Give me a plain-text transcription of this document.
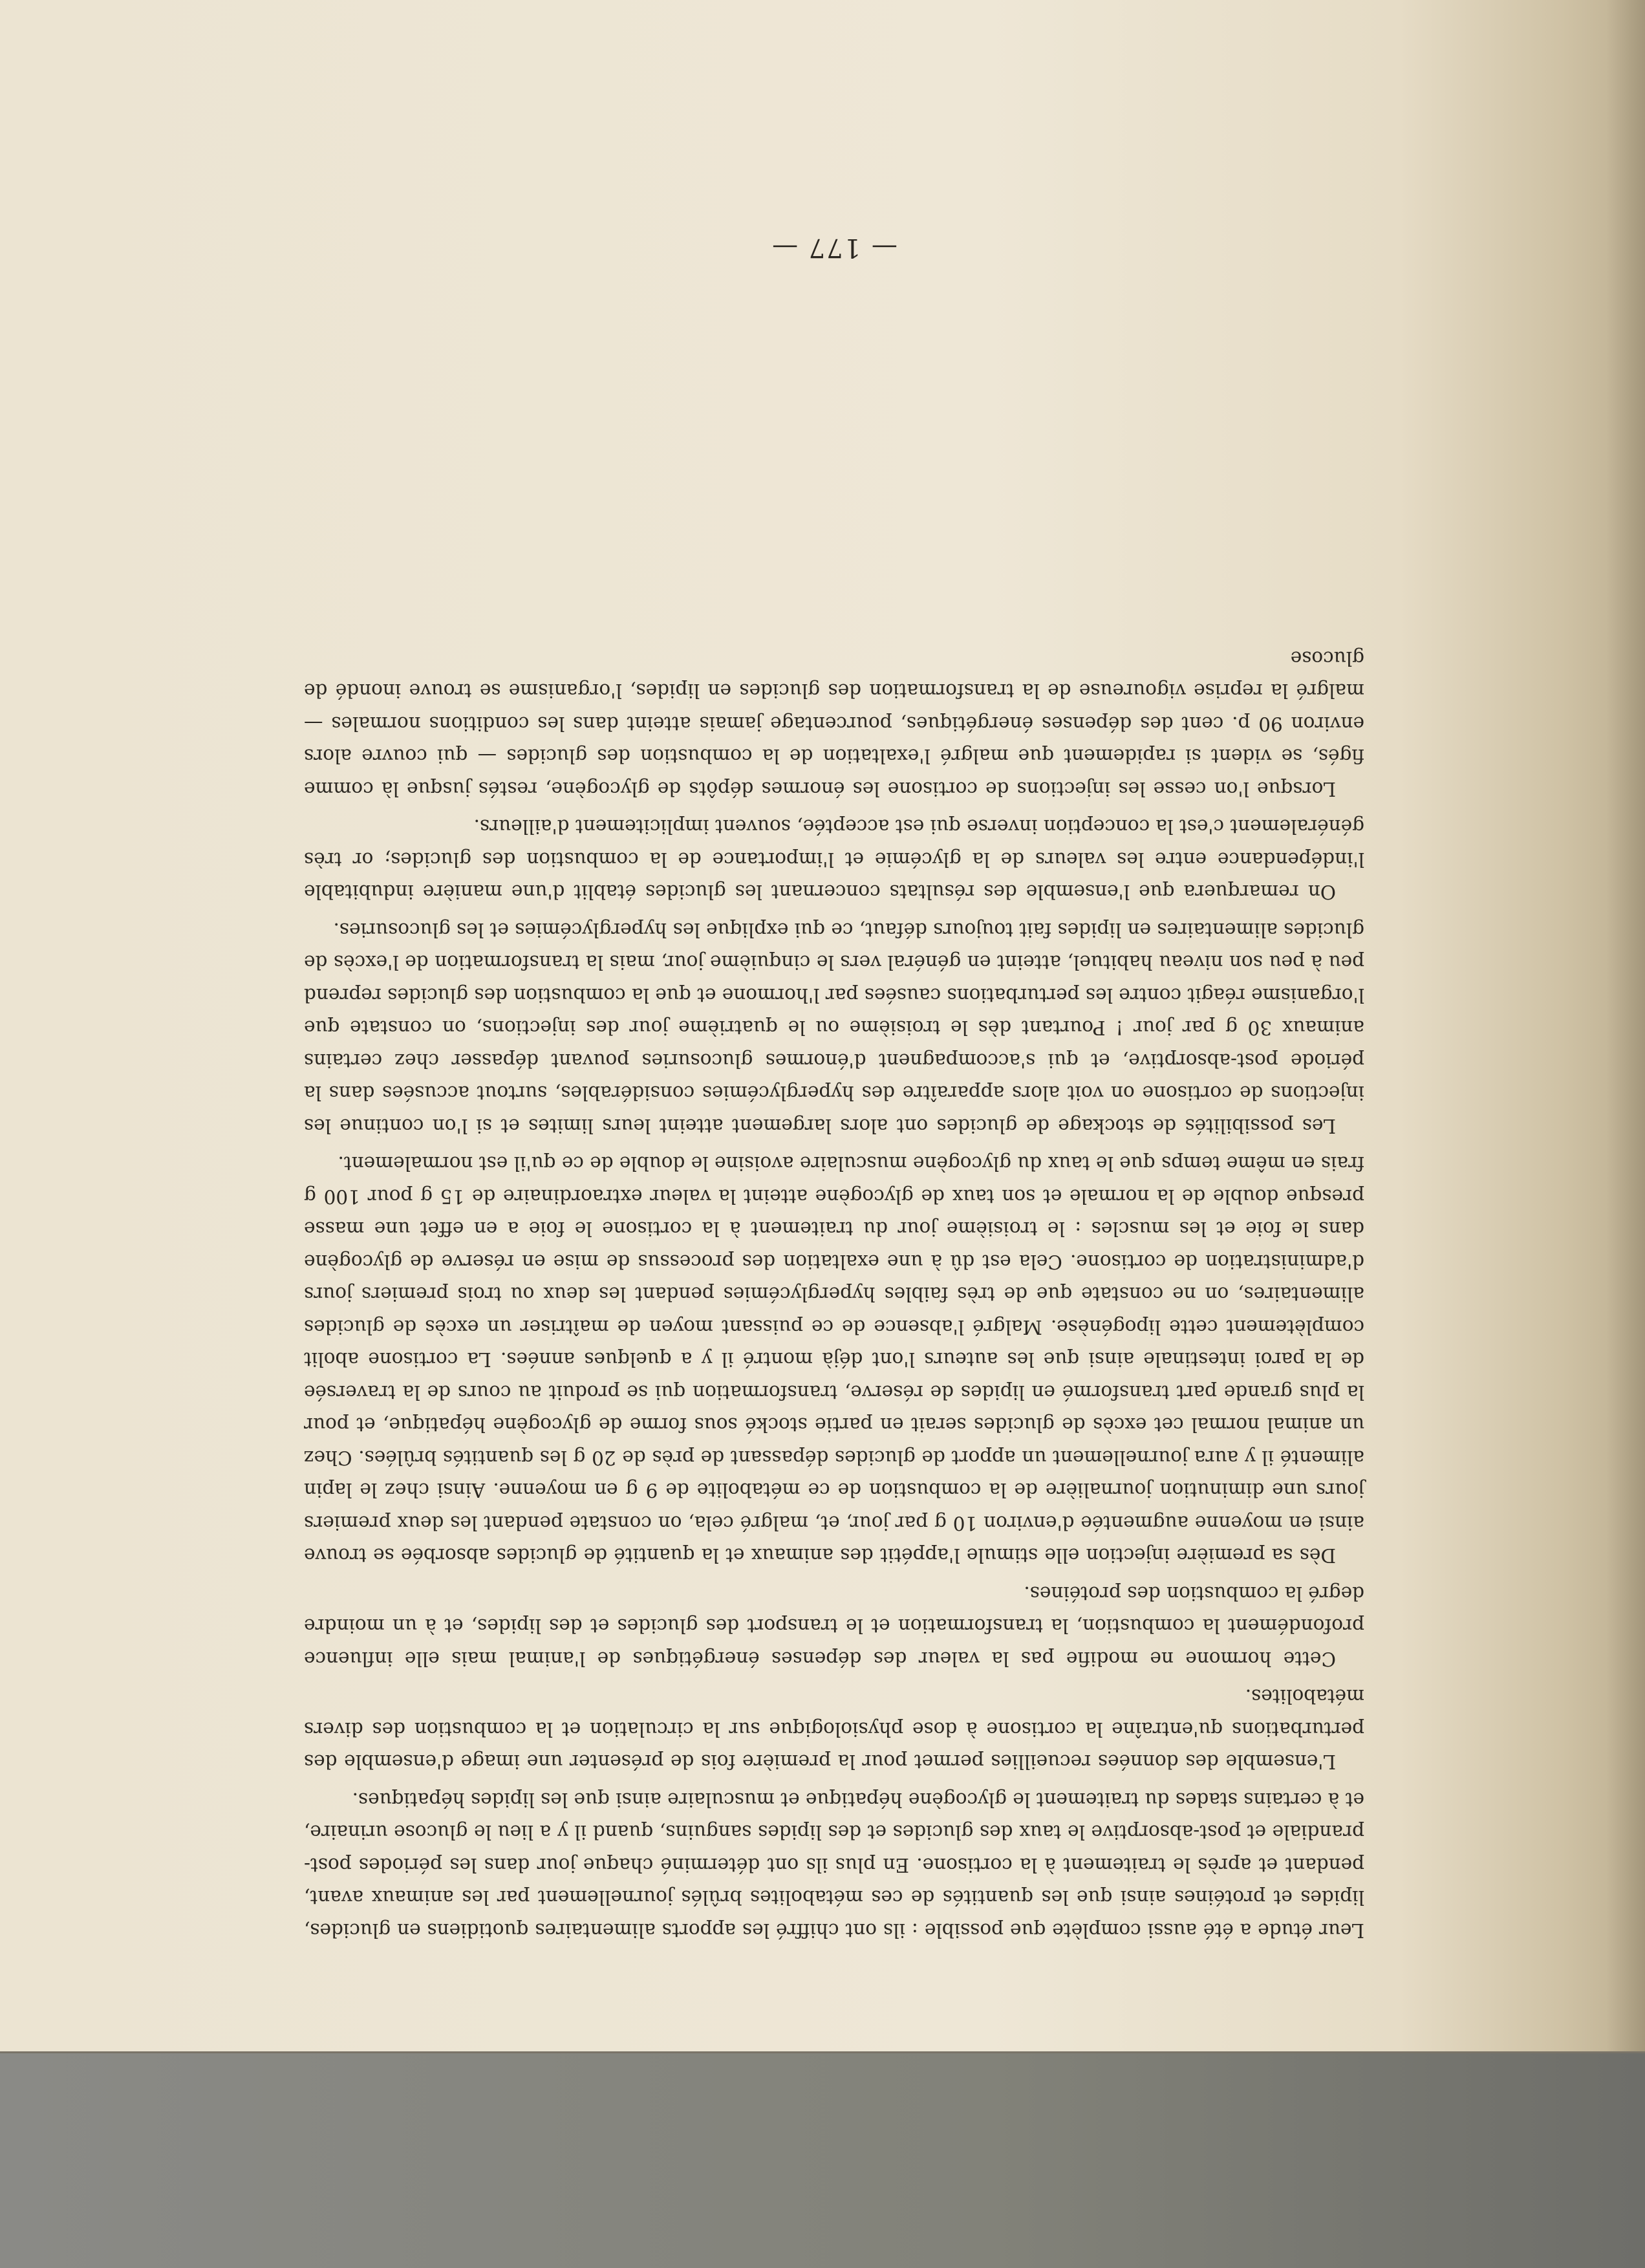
Leur étude a été aussi complète que possible : ils ont chiffré les apports alimentaires quotidiens en glucides, lipides et protéines ainsi que les quantités de ces métabolites brûlés journellement par les animaux avant, pendant et après le traitement à la cortisone. En plus ils ont déterminé chaque jour dans les périodes post-prandiale et post-absorptive le taux des glucides et des lipides sanguins, quand il y a lieu le glucose urinaire, et à certains stades du traitement le glycogène hépatique et musculaire ainsi que les lipides hépatiques.

L'ensemble des données recueillies permet pour la première fois de présenter une image d'ensemble des perturbations qu'entraîne la cortisone à dose physiologique sur la circulation et la combustion des divers métabolites.

Cette hormone ne modifie pas la valeur des dépenses énergétiques de l'animal mais elle influence profondément la combustion, la transformation et le transport des glucides et des lipides, et à un moindre degré la combustion des protéines.

Dès sa première injection elle stimule l'appétit des animaux et la quantité de glucides absorbée se trouve ainsi en moyenne augmentée d'environ 10 g par jour, et, malgré cela, on constate pendant les deux premiers jours une diminution journalière de la combustion de ce métabolite de 9 g en moyenne. Ainsi chez le lapin alimenté il y aura journellement un apport de glucides dépassant de près de 20 g les quantités brûlées. Chez un animal normal cet excès de glucides serait en partie stocké sous forme de glycogène hépatique, et pour la plus grande part transformé en lipides de réserve, transformation qui se produit au cours de la traversée de la paroi intestinale ainsi que les auteurs l'ont déjà montré il y a quelques années. La cortisone abolit complètement cette lipogénèse. Malgré l'absence de ce puissant moyen de maîtriser un excès de glucides alimentaires, on ne constate que de très faibles hyperglycémies pendant les deux ou trois premiers jours d'administration de cortisone. Cela est dû à une exaltation des processus de mise en réserve de glycogène dans le foie et les muscles : le troisième jour du traitement à la cortisone le foie a en effet une masse presque double de la normale et son taux de glycogène atteint la valeur extraordinaire de 15 g pour 100 g frais en même temps que le taux du glycogène musculaire avoisine le double de ce qu'il est normalement.

Les possibilités de stockage de glucides ont alors largement atteint leurs limites et si l'on continue les injections de cortisone on voit alors apparaître des hyperglycémies considérables, surtout accusées dans la période post-absorptive, et qui s'accompagnent d'énormes glucosuries pouvant dépasser chez certains animaux 30 g par jour ! Pourtant dès le troisième ou le quatrième jour des injections, on constate que l'organisme réagit contre les perturbations causées par l'hormone et que la combustion des glucides reprend peu à peu son niveau habituel, atteint en général vers le cinquième jour, mais la transformation de l'excès de glucides alimentaires en lipides fait toujours défaut, ce qui explique les hyperglycémies et les glucosuries.

On remarquera que l'ensemble des résultats concernant les glucides établit d'une manière indubitable l'indépendance entre les valeurs de la glycémie et l'importance de la combustion des glucides; or très généralement c'est la conception inverse qui est acceptée, souvent implicitement d'ailleurs.

Lorsque l'on cesse les injections de cortisone les énormes dépôts de glycogène, restés jusque là comme figés, se vident si rapidement que malgré l'exaltation de la combustion des glucides — qui couvre alors environ 90 p. cent des dépenses énergétiques, pourcentage jamais atteint dans les conditions normales — malgré la reprise vigoureuse de la transformation des glucides en lipides, l'organisme se trouve inondé de glucose

— 177 —
